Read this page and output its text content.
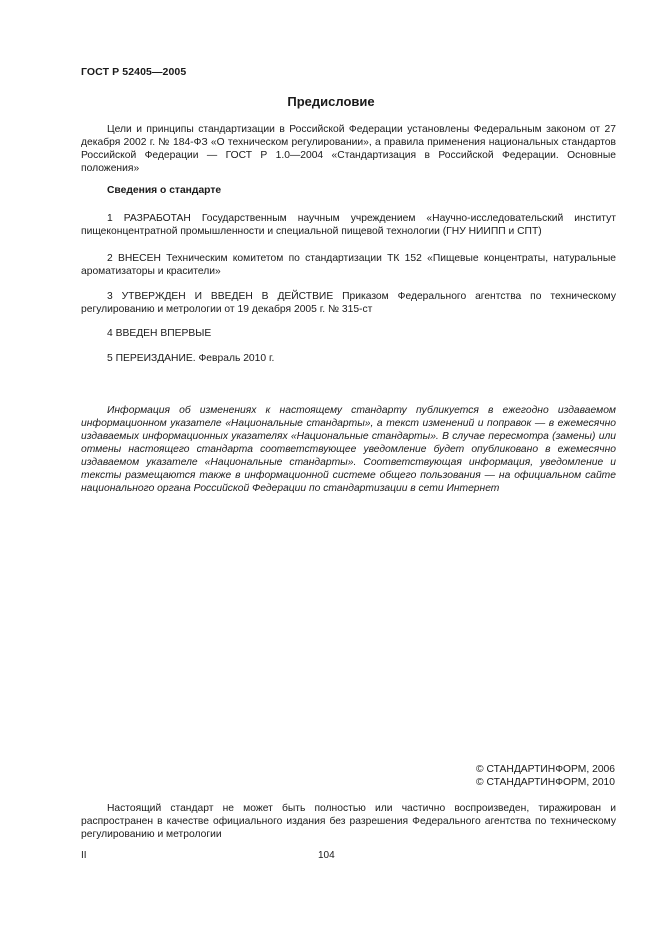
ГОСТ Р 52405—2005
Предисловие
Цели и принципы стандартизации в Российской Федерации установлены Федеральным законом от 27 декабря 2002 г. № 184-ФЗ «О техническом регулировании», а правила применения национальных стандартов Российской Федерации — ГОСТ Р 1.0—2004 «Стандартизация в Российской Федерации. Основные положения»
Сведения о стандарте
1 РАЗРАБОТАН Государственным научным учреждением «Научно-исследовательский институт пищеконцентратной промышленности и специальной пищевой технологии (ГНУ НИИПП и СПТ)
2 ВНЕСЕН Техническим комитетом по стандартизации ТК 152 «Пищевые концентраты, натуральные ароматизаторы и красители»
3 УТВЕРЖДЕН И ВВЕДЕН В ДЕЙСТВИЕ Приказом Федерального агентства по техническому регулированию и метрологии от 19 декабря 2005 г. № 315-ст
4 ВВЕДЕН ВПЕРВЫЕ
5 ПЕРЕИЗДАНИЕ. Февраль 2010 г.
Информация об изменениях к настоящему стандарту публикуется в ежегодно издаваемом информационном указателе «Национальные стандарты», а текст изменений и поправок — в ежемесячно издаваемых информационных указателях «Национальные стандарты». В случае пересмотра (замены) или отмены настоящего стандарта соответствующее уведомление будет опубликовано в ежемесячно издаваемом указателе «Национальные стандарты». Соответствующая информация, уведомление и тексты размещаются также в информационной системе общего пользования — на официальном сайте национального органа Российской Федерации по стандартизации в сети Интернет
© СТАНДАРТИНФОРМ, 2006
© СТАНДАРТИНФОРМ, 2010
Настоящий стандарт не может быть полностью или частично воспроизведен, тиражирован и распространен в качестве официального издания без разрешения Федерального агентства по техническому регулированию и метрологии
II	104
